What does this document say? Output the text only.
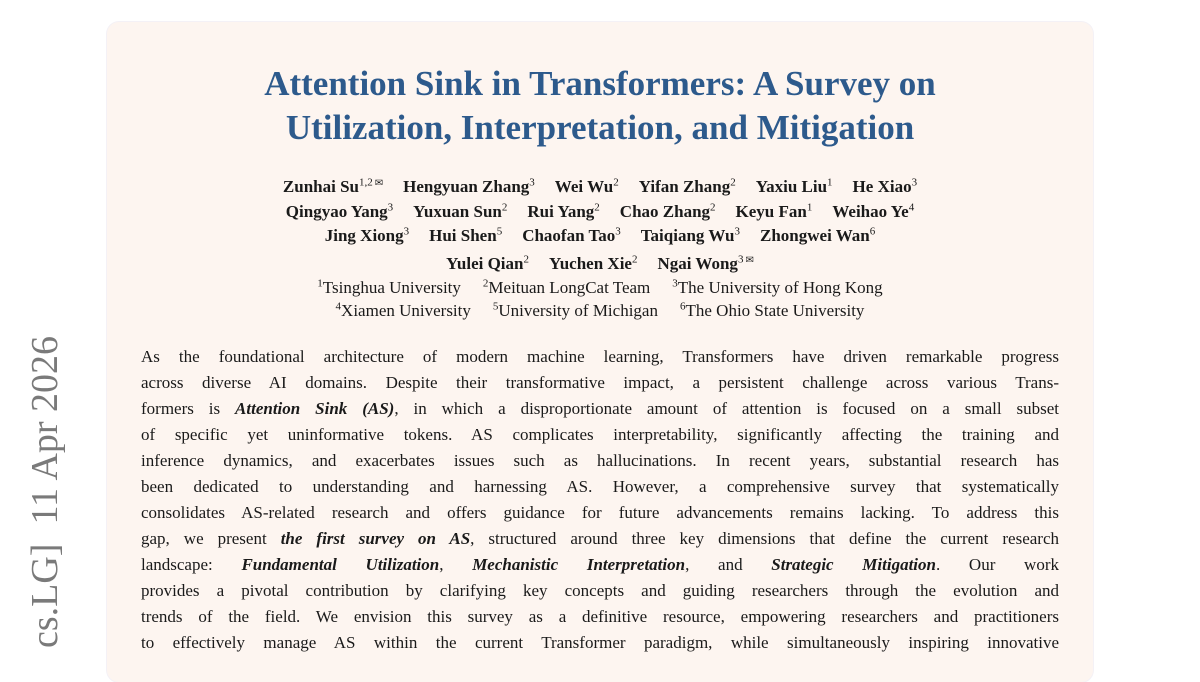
cs.LG]  11 Apr 2026
Attention Sink in Transformers: A Survey on
Utilization, Interpretation, and Mitigation
Zunhai Su$^{1,2}$ ✉ Hengyuan Zhang$^3$ Wei Wu$^2$ Yifan Zhang$^2$ Yaxiu Liu$^1$ He Xiao$^3$
Qingyao Yang$^3$ Yuxuan Sun$^2$ Rui Yang$^2$ Chao Zhang$^2$ Keyu Fan$^1$ Weihao Ye$^4$
Jing Xiong$^3$ Hui Shen$^5$ Chaofan Tao$^3$ Taiqiang Wu$^3$ Zhongwei Wan$^6$
Yulei Qian$^2$ Yuchen Xie$^2$ Ngai Wong$^3$ ✉
$^1$Tsinghua University $^2$Meituan LongCat Team $^3$The University of Hong Kong
$^4$Xiamen University $^5$University of Michigan $^6$The Ohio State University
As the foundational architecture of modern machine learning, Transformers have driven remarkable progress
across diverse AI domains. Despite their transformative impact, a persistent challenge across various Trans-
formers is Attention Sink (AS), in which a disproportionate amount of attention is focused on a small subset
of specific yet uninformative tokens. AS complicates interpretability, significantly affecting the training and
inference dynamics, and exacerbates issues such as hallucinations. In recent years, substantial research has
been dedicated to understanding and harnessing AS. However, a comprehensive survey that systematically
consolidates AS-related research and offers guidance for future advancements remains lacking. To address this
gap, we present the first survey on AS, structured around three key dimensions that define the current research
landscape: Fundamental Utilization, Mechanistic Interpretation, and Strategic Mitigation. Our work
provides a pivotal contribution by clarifying key concepts and guiding researchers through the evolution and
trends of the field. We envision this survey as a definitive resource, empowering researchers and practitioners
to effectively manage AS within the current Transformer paradigm, while simultaneously inspiring innovative
